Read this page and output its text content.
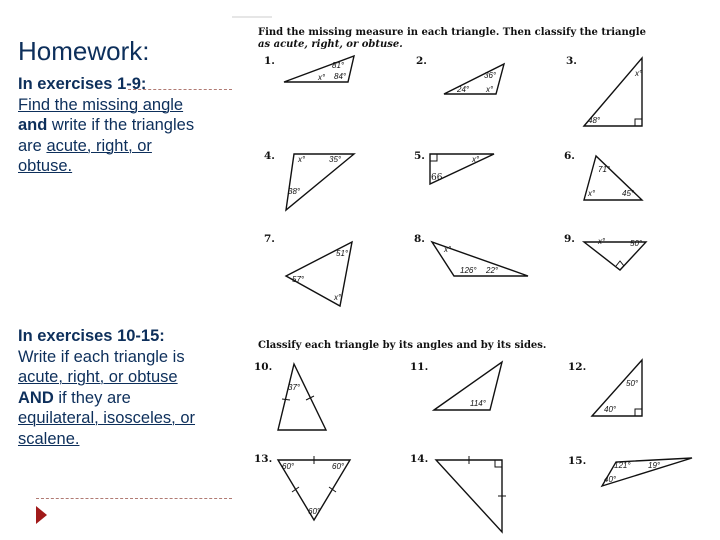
Homework:
In exercises 1-9:
Find the missing angle
and write if the triangles
are acute, right, or
obtuse.
In exercises 10-15:
Write if each triangle is
acute, right, or obtuse
AND if they are
equilateral, isosceles, or
scalene.
Find the missing measure in each triangle. Then classify the triangle
as acute, right, or obtuse.
1.	81°
84°
x°
2.
36°
24° x°
3.
x°
48°
4.	x°	35°
38°
5.	x°
66
6.
71°
x°	45°
7.
51°
57°
x°
8.
x°
126° 22°
9.	x°	50°
Classify each triangle by its angles and by its sides.
10.
37°
11.
114°
12.
50°
40°
13.
60°	60°
60°
14.	15.	121° 19°
40°
